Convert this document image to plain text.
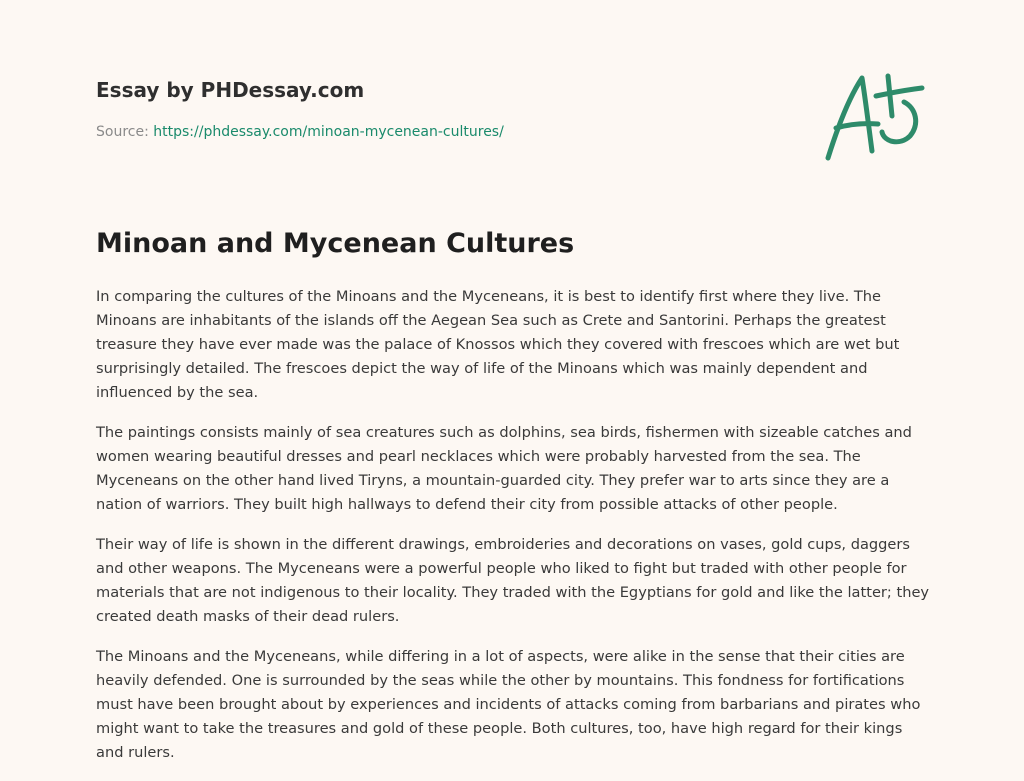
Essay by PHDessay.com
Source: https://phdessay.com/minoan-mycenean-cultures/
Minoan and Mycenean Cultures

In comparing the cultures of the Minoans and the Myceneans, it is best to identify first where they live. The Minoans are inhabitants of the islands off the Aegean Sea such as Crete and Santorini. Perhaps the greatest treasure they have ever made was the palace of Knossos which they covered with frescoes which are wet but surprisingly detailed. The frescoes depict the way of life of the Minoans which was mainly dependent and influenced by the sea.

The paintings consists mainly of sea creatures such as dolphins, sea birds, fishermen with sizeable catches and women wearing beautiful dresses and pearl necklaces which were probably harvested from the sea. The Myceneans on the other hand lived Tiryns, a mountain-guarded city. They prefer war to arts since they are a nation of warriors. They built high hallways to defend their city from possible attacks of other people.

Their way of life is shown in the different drawings, embroideries and decorations on vases, gold cups, daggers and other weapons. The Myceneans were a powerful people who liked to fight but traded with other people for materials that are not indigenous to their locality. They traded with the Egyptians for gold and like the latter; they created death masks of their dead rulers.

The Minoans and the Myceneans, while differing in a lot of aspects, were alike in the sense that their cities are heavily defended. One is surrounded by the seas while the other by mountains. This fondness for fortifications must have been brought about by experiences and incidents of attacks coming from barbarians and pirates who might want to take the treasures and gold of these people. Both cultures, too, have high regard for their kings and rulers.
